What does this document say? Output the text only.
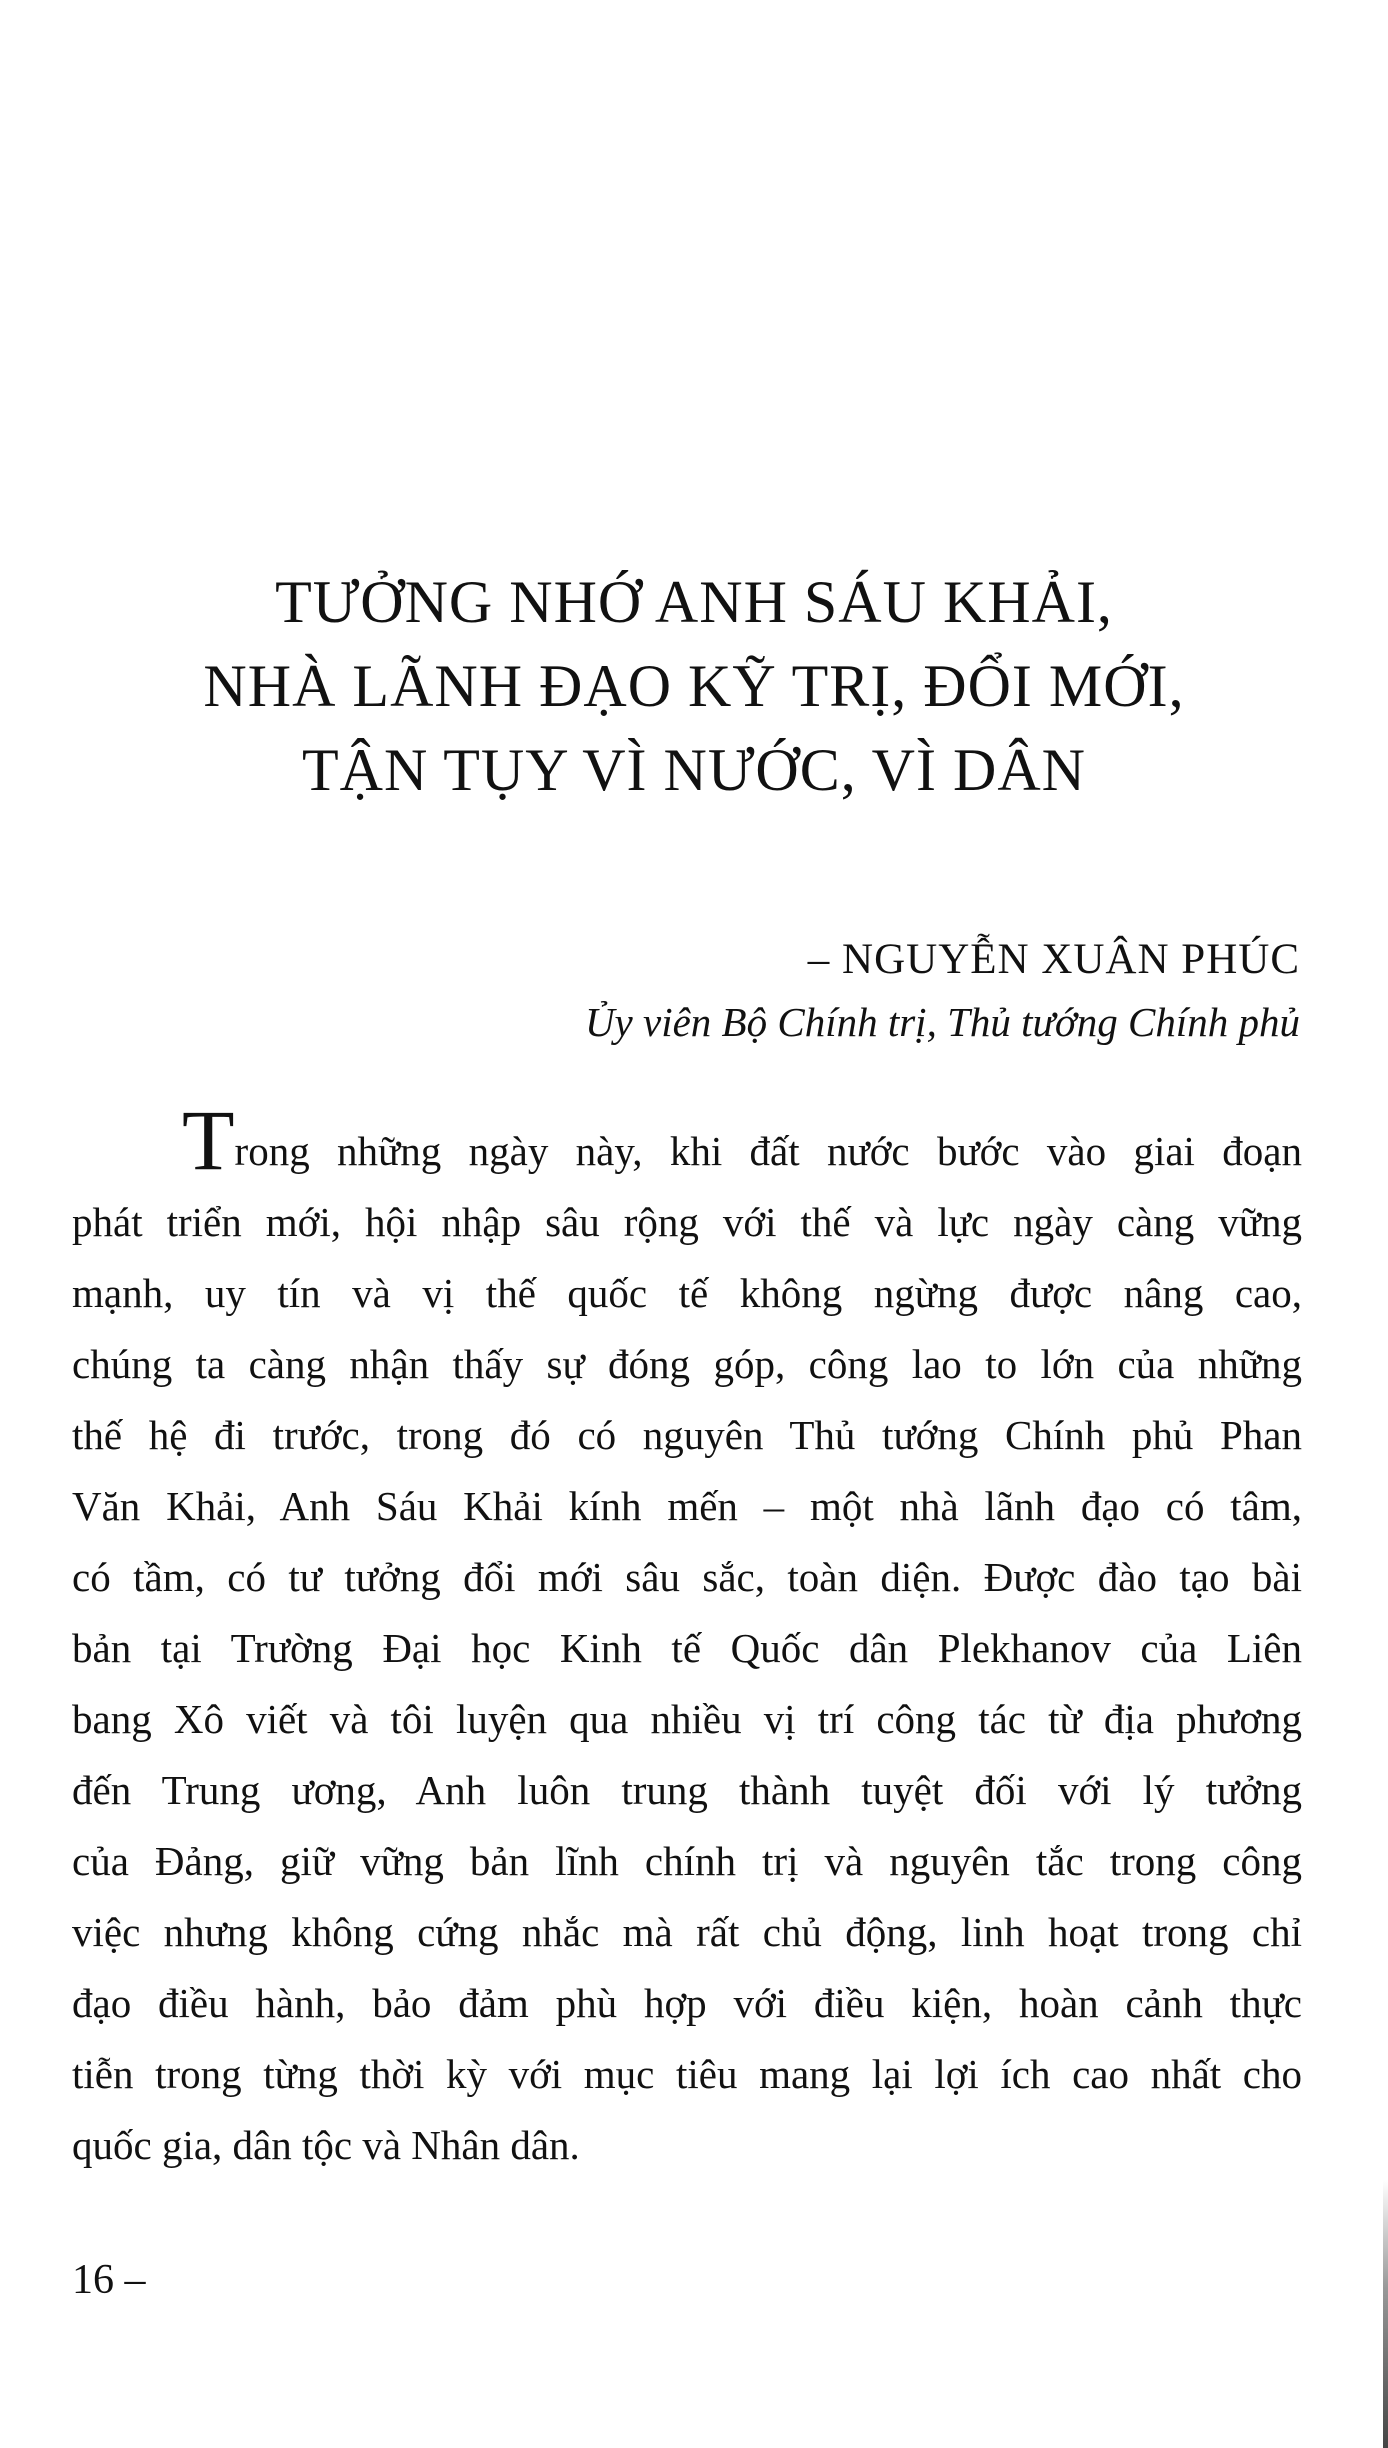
TƯỞNG NHỚ ANH SÁU KHẢI,
NHÀ LÃNH ĐẠO KỸ TRỊ, ĐỔI MỚI,
TẬN TỤY VÌ NƯỚC, VÌ DÂN
– NGUYỄN XUÂN PHÚC
Ủy viên Bộ Chính trị, Thủ tướng Chính phủ
Trong những ngày này, khi đất nước bước vào giai đoạn
phát triển mới, hội nhập sâu rộng với thế và lực ngày càng vững
mạnh, uy tín và vị thế quốc tế không ngừng được nâng cao,
chúng ta càng nhận thấy sự đóng góp, công lao to lớn của những
thế hệ đi trước, trong đó có nguyên Thủ tướng Chính phủ Phan
Văn Khải, Anh Sáu Khải kính mến – một nhà lãnh đạo có tâm,
có tầm, có tư tưởng đổi mới sâu sắc, toàn diện. Được đào tạo bài
bản tại Trường Đại học Kinh tế Quốc dân Plekhanov của Liên
bang Xô viết và tôi luyện qua nhiều vị trí công tác từ địa phương
đến Trung ương, Anh luôn trung thành tuyệt đối với lý tưởng
của Đảng, giữ vững bản lĩnh chính trị và nguyên tắc trong công
việc nhưng không cứng nhắc mà rất chủ động, linh hoạt trong chỉ
đạo điều hành, bảo đảm phù hợp với điều kiện, hoàn cảnh thực
tiễn trong từng thời kỳ với mục tiêu mang lại lợi ích cao nhất cho
quốc gia, dân tộc và Nhân dân.
16 –
